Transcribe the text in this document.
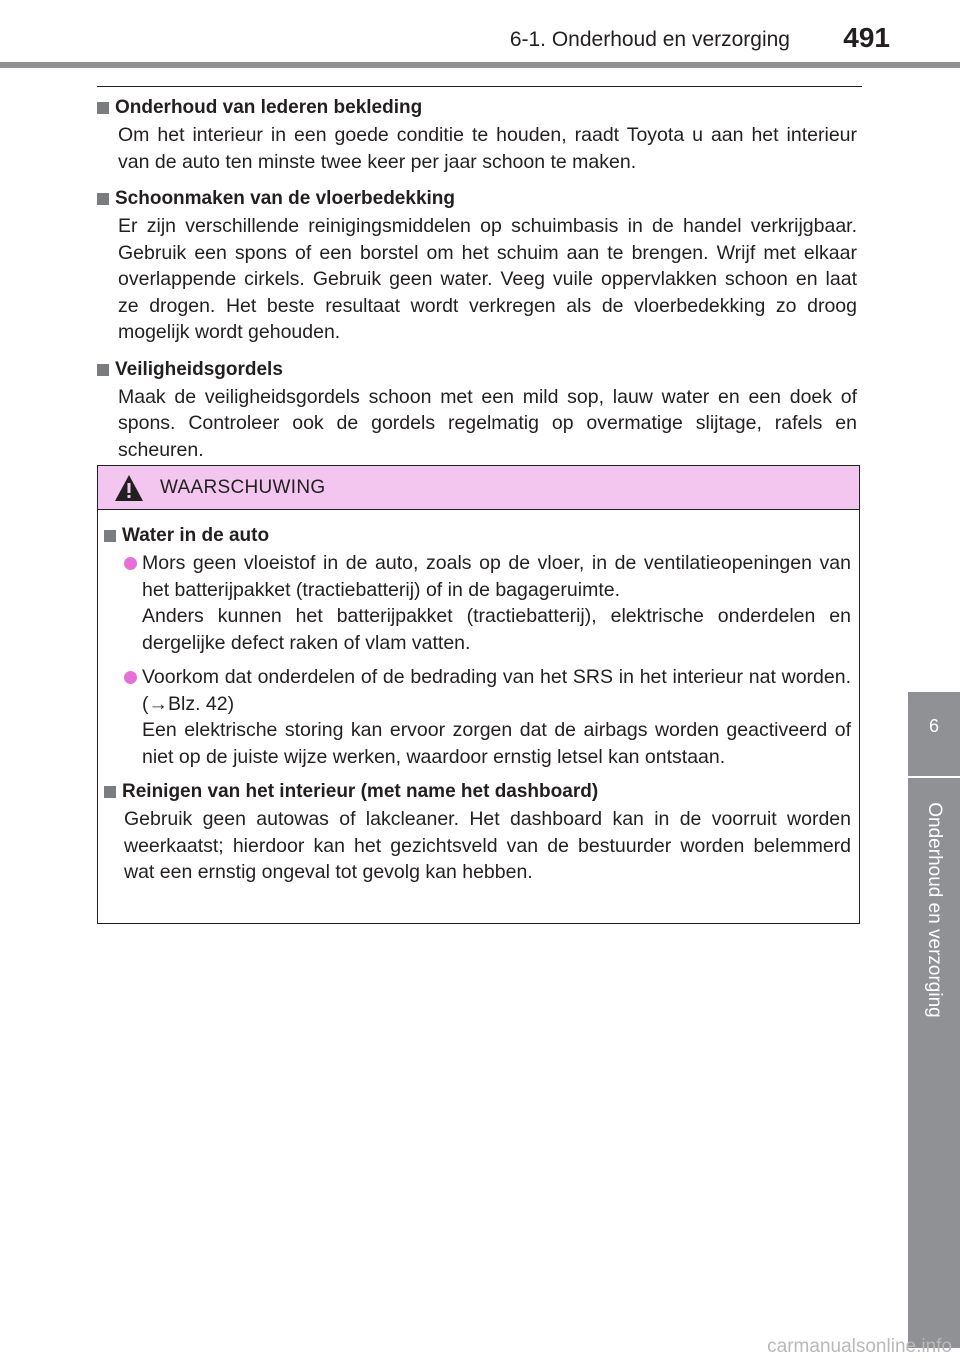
6-1. Onderhoud en verzorging 491
6
Onderhoud en verzorging
Onderhoud van lederen bekleding
Om het interieur in een goede conditie te houden, raadt Toyota u aan het interieur van de auto ten minste twee keer per jaar schoon te maken.
Schoonmaken van de vloerbedekking
Er zijn verschillende reinigingsmiddelen op schuimbasis in de handel verkrijgbaar. Gebruik een spons of een borstel om het schuim aan te brengen. Wrijf met elkaar overlappende cirkels. Gebruik geen water. Veeg vuile oppervlakken schoon en laat ze drogen. Het beste resultaat wordt verkregen als de vloerbedekking zo droog mogelijk wordt gehouden.
Veiligheidsgordels
Maak de veiligheidsgordels schoon met een mild sop, lauw water en een doek of spons. Controleer ook de gordels regelmatig op overmatige slijtage, rafels en scheuren.
WAARSCHUWING
Water in de auto
Mors geen vloeistof in de auto, zoals op de vloer, in de ventilatieopeningen van het batterijpakket (tractiebatterij) of in de bagageruimte.
Anders kunnen het batterijpakket (tractiebatterij), elektrische onderdelen en dergelijke defect raken of vlam vatten.
Voorkom dat onderdelen of de bedrading van het SRS in het interieur nat worden. (→Blz. 42)
Een elektrische storing kan ervoor zorgen dat de airbags worden geactiveerd of niet op de juiste wijze werken, waardoor ernstig letsel kan ontstaan.
Reinigen van het interieur (met name het dashboard)
Gebruik geen autowas of lakcleaner. Het dashboard kan in de voorruit worden weerkaatst; hierdoor kan het gezichtsveld van de bestuurder worden belemmerd wat een ernstig ongeval tot gevolg kan hebben.
carmanualsonline.info
